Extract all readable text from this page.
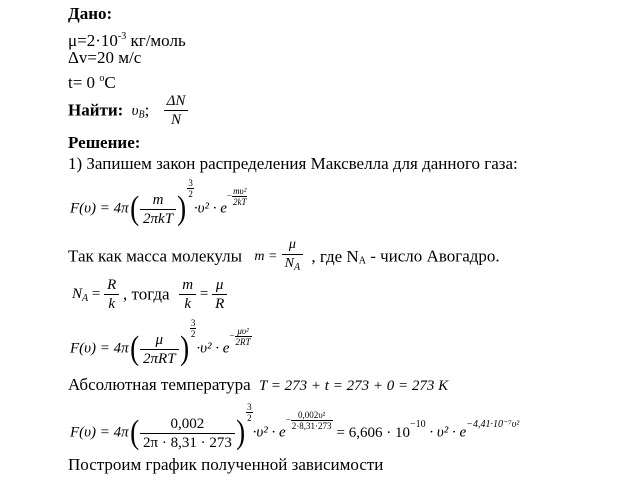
Дано:
$\mu=2\cdot 10^{-3}$ кг/моль
Δv=20 м/с
t= 0 $^o$C
Найти: $\upsilon_В$; $\frac{\Delta N}{N}$
Решение:
1) Запишем закон распределения Максвелла для данного газа:
$F(\upsilon) = 4\pi( \frac{m}{\text{2πkT}}$ )
$\frac{3}{2}$
$\cdot\upsilon^2 \cdot e- \frac{\text{mυ²}}{2kT}$
Так как масса молекулы $m = \frac{\mu}{N_A}$ , где $N_A$ - число Авогадро.
$N_A = \frac{R}{k}$ , тогда $\frac{m}{k} = \frac{\mu}{R}$
$F(\upsilon) = 4\pi( \frac{\mu}{\text{2πRT}}$ )
$\frac{3}{2}$
$\cdot\upsilon^2 \cdot e- \frac{\text{μυ²}}{2RT}$
Абсолютная температура T = 273 + t = 273 + 0 = 273 K
$F(\upsilon) = 4\pi( \frac{0,002}{2\pi \cdot 8,31 \cdot 273}$ )
$\frac{3}{2}$
$\cdot\upsilon^2 \cdot e- \frac{\text{0,002υ²}}{2\cdot 8,31\cdot 273}$
= 6,606 · 10−10 · υ² · e−4,41·10⁻⁷υ²
Построим график полученной зависимости
